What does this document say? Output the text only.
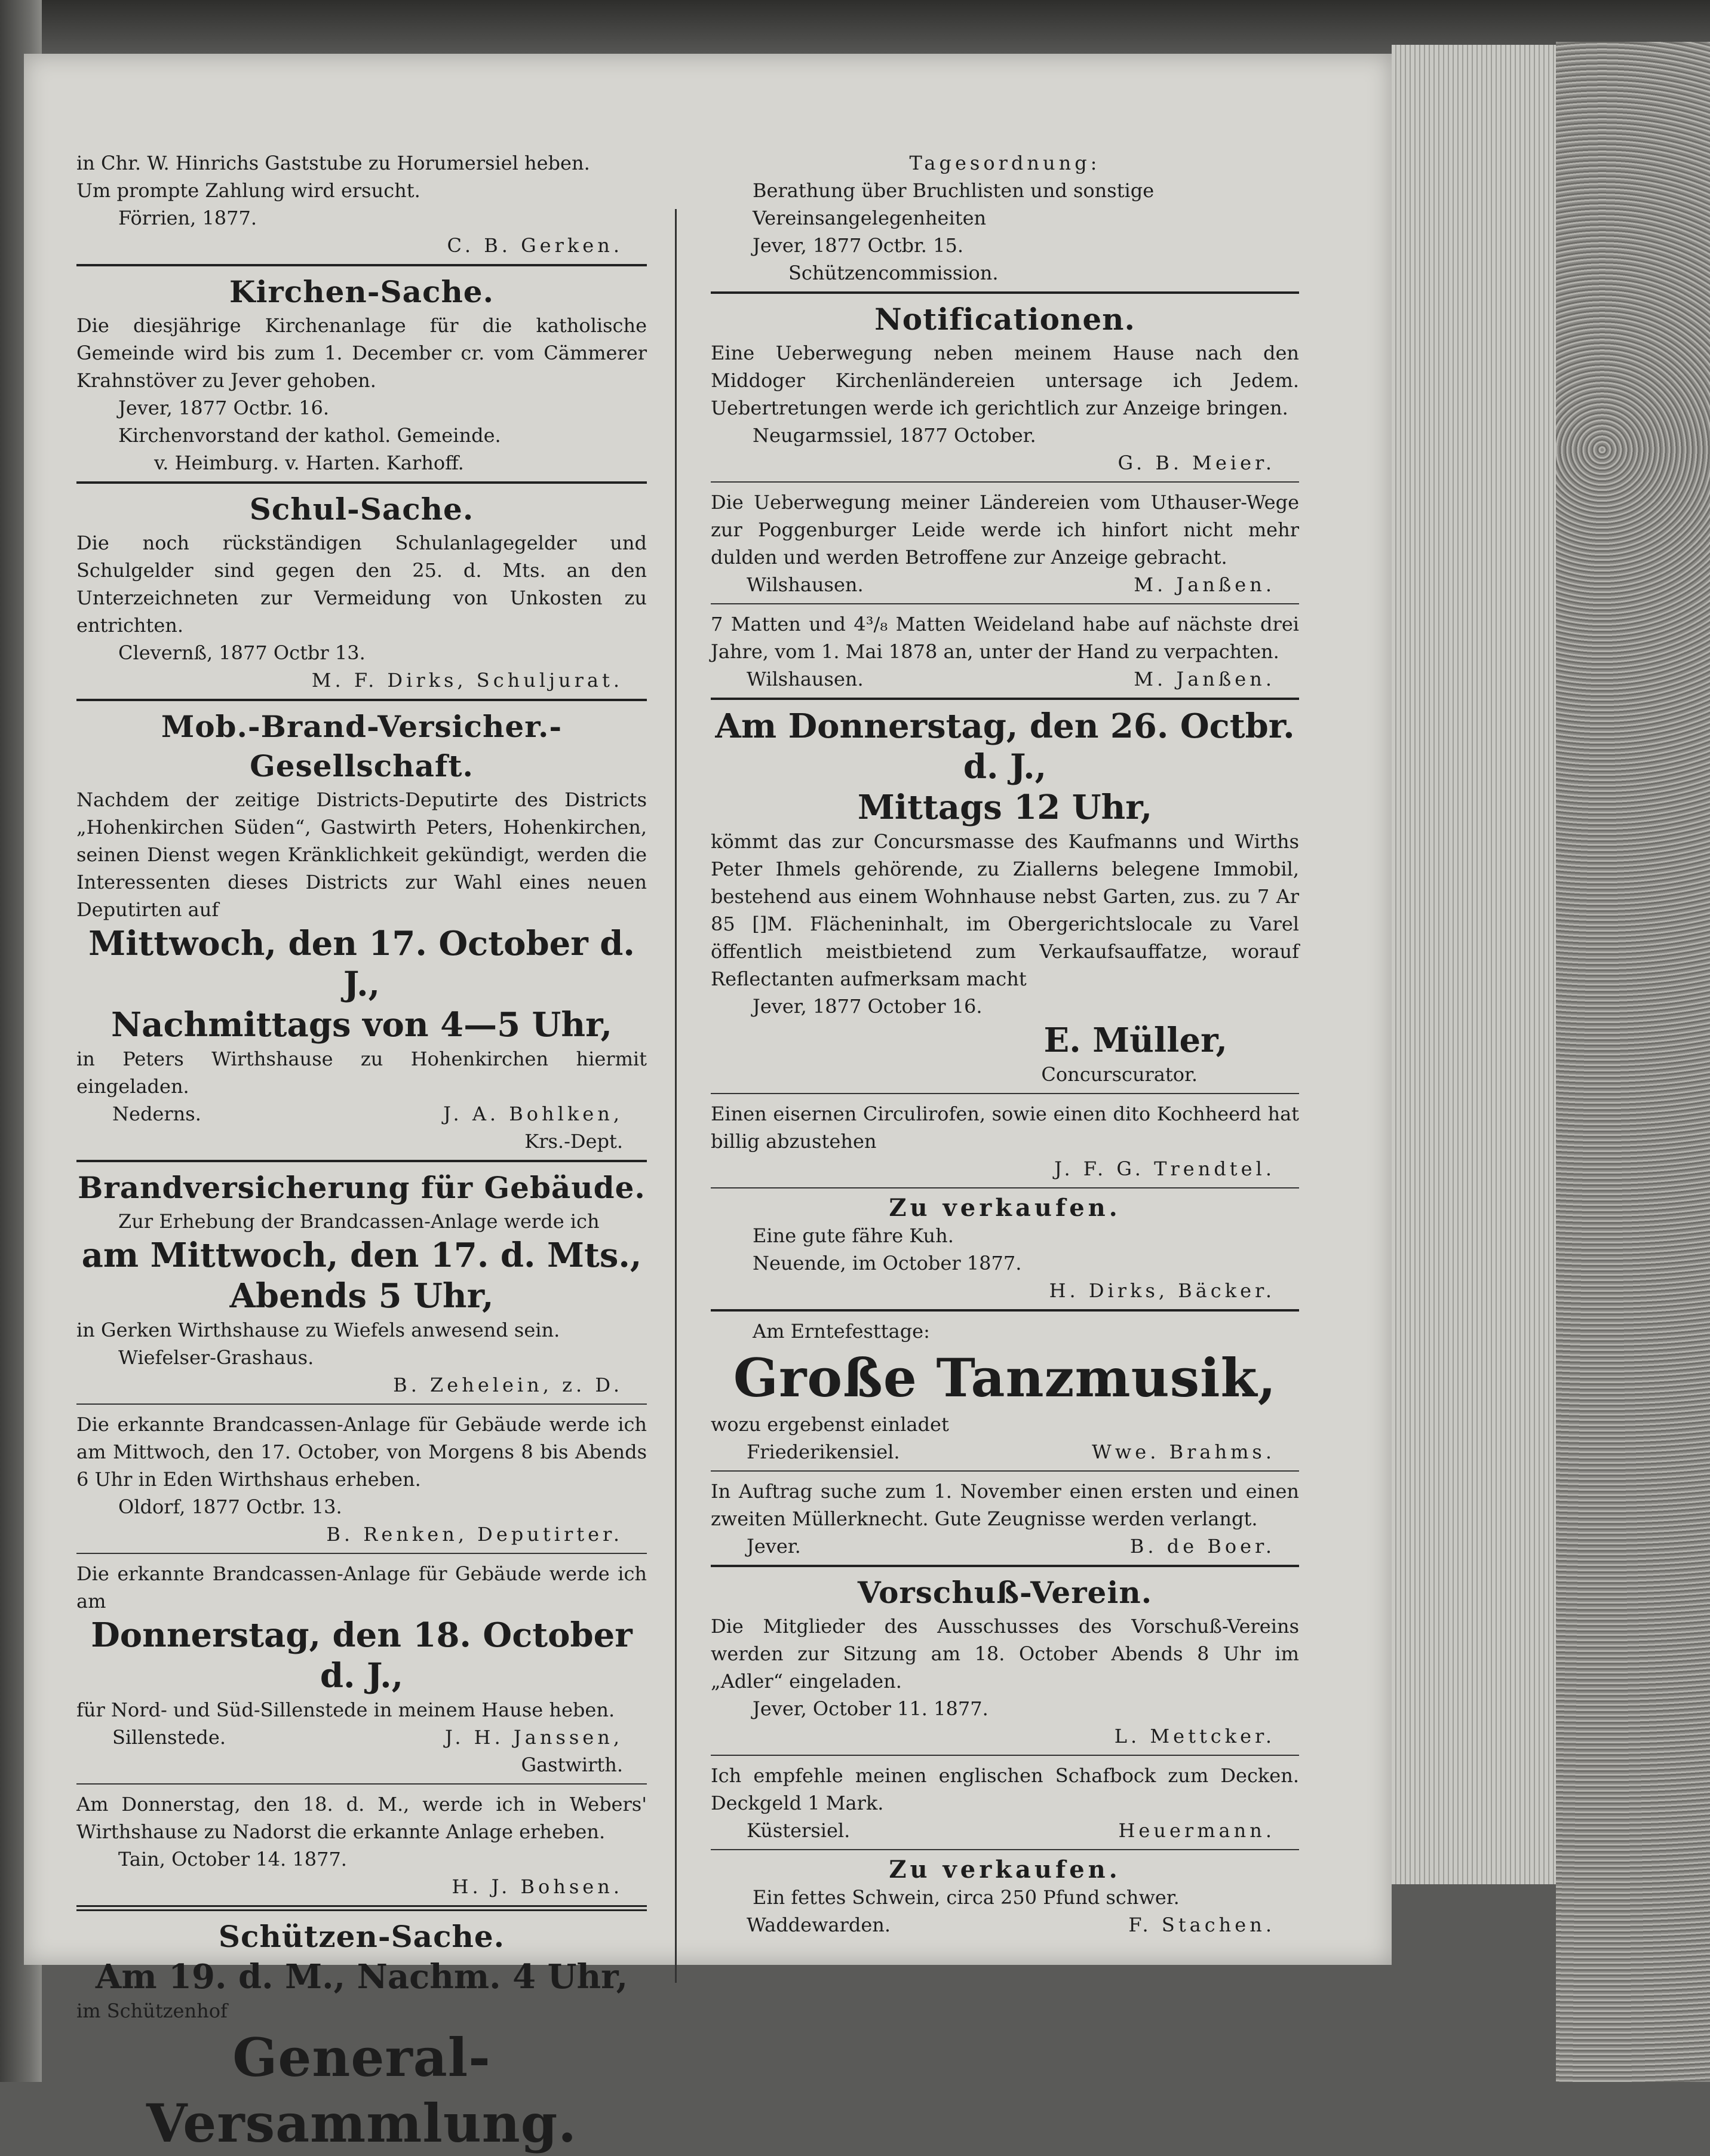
in Chr. W. Hinrichs Gaststube zu Horumersiel heben.

Um prompte Zahlung wird ersucht.

Förrien, 1877.

C. B. Gerken.

Kirchen-Sache.

Die diesjährige Kirchenanlage für die katholische Gemeinde wird bis zum 1. December cr. vom Cämmerer Krahnstöver zu Jever gehoben.

Jever, 1877 Octbr. 16.

Kirchenvorstand der kathol. Gemeinde.

v. Heimburg. v. Harten. Karhoff.

Schul-Sache.

Die noch rückständigen Schulanlagegelder und Schulgelder sind gegen den 25. d. Mts. an den Unterzeichneten zur Vermeidung von Unkosten zu entrichten.

Clevernß, 1877 Octbr 13.

M. F. Dirks, Schuljurat.

Mob.-Brand-Versicher.-Gesellschaft.

Nachdem der zeitige Districts-Deputirte des Districts „Hohenkirchen Süden“, Gastwirth Peters, Hohenkirchen, seinen Dienst wegen Kränklichkeit gekündigt, werden die Interessenten dieses Districts zur Wahl eines neuen Deputirten auf

Mittwoch, den 17. October d. J.,
Nachmittags von 4—5 Uhr,

in Peters Wirthshause zu Hohenkirchen hiermit eingeladen.

Nederns.	J. A. Bohlken,

Krs.-Dept.

Brandversicherung für Gebäude.

Zur Erhebung der Brandcassen-Anlage werde ich

am Mittwoch, den 17. d. Mts.,
Abends 5 Uhr,

in Gerken Wirthshause zu Wiefels anwesend sein.

Wiefelser-Grashaus.

B. Zehelein, z. D.

Die erkannte Brandcassen-Anlage für Gebäude werde ich am Mittwoch, den 17. October, von Morgens 8 bis Abends 6 Uhr in Eden Wirthshaus erheben.

Oldorf, 1877 Octbr. 13.

B. Renken, Deputirter.

Die erkannte Brandcassen-Anlage für Gebäude werde ich am

Donnerstag, den 18. October d. J.,

für Nord- und Süd-Sillenstede in meinem Hause heben.

Sillenstede.	J. H. Janssen,

Gastwirth.

Am Donnerstag, den 18. d. M., werde ich in Webers' Wirthshause zu Nadorst die erkannte Anlage erheben.

Tain, October 14. 1877.

H. J. Bohsen.

Schützen-Sache.
Am 19. d. M., Nachm. 4 Uhr,

im Schützenhof

General-Versammlung.

Tagesordnung:

Berathung über Bruchlisten und sonstige

Vereinsangelegenheiten

Jever, 1877 Octbr. 15.

Schützencommission.

Notificationen.

Eine Ueberwegung neben meinem Hause nach den Middoger Kirchenländereien untersage ich Jedem. Uebertretungen werde ich gerichtlich zur Anzeige bringen.

Neugarmssiel, 1877 October.

G. B. Meier.

Die Ueberwegung meiner Ländereien vom Uthauser-Wege zur Poggenburger Leide werde ich hinfort nicht mehr dulden und werden Betroffene zur Anzeige gebracht.

Wilshausen.	M. Janßen.

7 Matten und 4³/₈ Matten Weideland habe auf nächste drei Jahre, vom 1. Mai 1878 an, unter der Hand zu verpachten.

Wilshausen.	M. Janßen.
Am Donnerstag, den 26. Octbr. d. J.,
Mittags 12 Uhr,

kömmt das zur Concursmasse des Kaufmanns und Wirths Peter Ihmels gehörende, zu Ziallerns belegene Immobil, bestehend aus einem Wohnhause nebst Garten, zus. zu 7 Ar 85 []M. Flächeninhalt, im Obergerichtslocale zu Varel öffentlich meistbietend zum Verkaufsauffatze, worauf Reflectanten aufmerksam macht

Jever, 1877 October 16.

E. Müller,

Concurscurator.

Einen eisernen Circulirofen, sowie einen dito Kochheerd hat billig abzustehen

J. F. G. Trendtel.

Zu verkaufen.

Eine gute fähre Kuh.

Neuende, im October 1877.

H. Dirks, Bäcker.

Am Erntefesttage:

Große Tanzmusik,

wozu ergebenst einladet

Friederikensiel.	Wwe. Brahms.

In Auftrag suche zum 1. November einen ersten und einen zweiten Müllerknecht. Gute Zeugnisse werden verlangt.

Jever.	B. de Boer.
Vorschuß-Verein.

Die Mitglieder des Ausschusses des Vorschuß-Vereins werden zur Sitzung am 18. October Abends 8 Uhr im „Adler“ eingeladen.

Jever, October 11. 1877.

L. Mettcker.

Ich empfehle meinen englischen Schafbock zum Decken. Deckgeld 1 Mark.

Küstersiel.	Heuermann.

Zu verkaufen.

Ein fettes Schwein, circa 250 Pfund schwer.

Waddewarden.	F. Stachen.
